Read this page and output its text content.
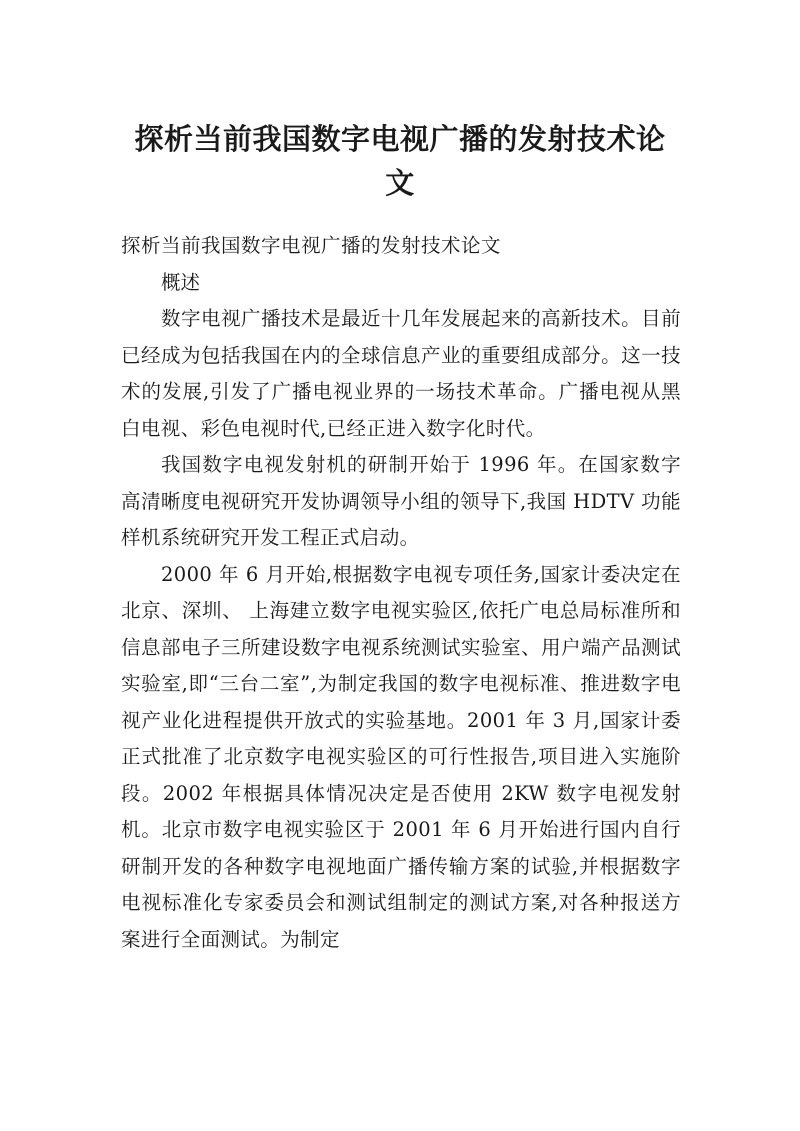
探析当前我国数字电视广播的发射技术论
文

探析当前我国数字电视广播的发射技术论文

概述

数字电视广播技术是最近十几年发展起来的高新技术。目前已经成为包括我国在内的全球信息产业的重要组成部分。这一技术的发展,引发了广播电视业界的一场技术革命。广播电视从黑白电视、彩色电视时代,已经正进入数字化时代。

我国数字电视发射机的研制开始于 1996 年。在国家数字高清晰度电视研究开发协调领导小组的领导下,我国 HDTV 功能样机系统研究开发工程正式启动。

2000 年 6 月开始,根据数字电视专项任务,国家计委决定在北京、深圳、 上海建立数字电视实验区,依托广电总局标准所和信息部电子三所建设数字电视系统测试实验室、用户端产品测试实验室,即“三台二室”,为制定我国的数字电视标准、推进数字电视产业化进程提供开放式的实验基地。2001 年 3 月,国家计委正式批准了北京数字电视实验区的可行性报告,项目进入实施阶段。2002 年根据具体情况决定是否使用 2KW 数字电视发射机。北京市数字电视实验区于 2001 年 6 月开始进行国内自行研制开发的各种数字电视地面广播传输方案的试验,并根据数字电视标准化专家委员会和测试组制定的测试方案,对各种报送方案进行全面测试。为制定
